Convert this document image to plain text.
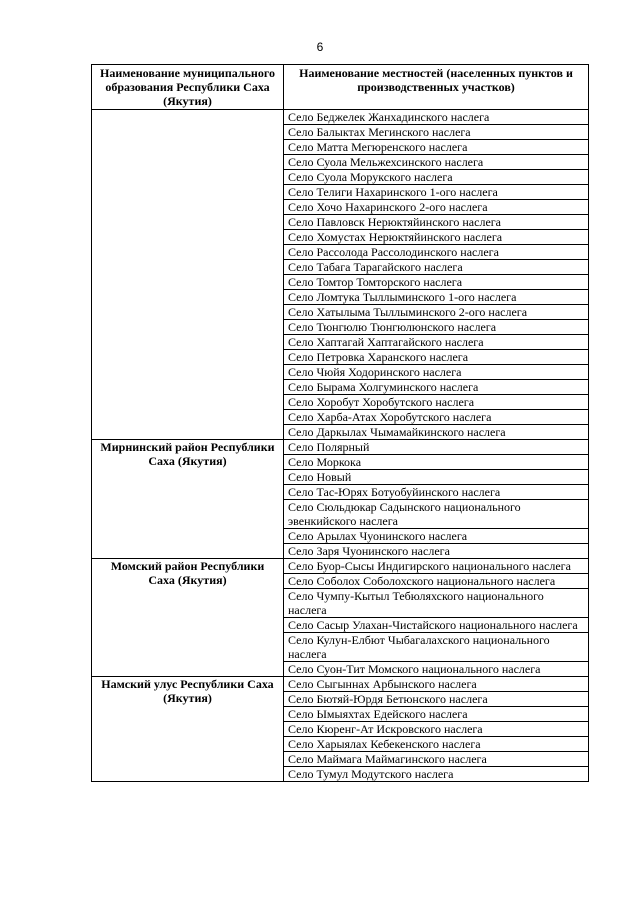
6
Наименование муниципального образования Республики Саха (Якутия)	Наименование местностей (населенных пунктов и производственных участков)
	Село Беджелек Жанхадинского наслега
	Село Балыктах Мегинского наслега
	Село Матта Мегюренского наслега
	Село Суола Мельжехсинского наслега
	Село Суола Морукского наслега
	Село Телиги Нахаринского 1-ого наслега
	Село Хочо Нахаринского 2-ого наслега
	Село Павловск Нерюктяйинского наслега
	Село Хомустах Нерюктяйинского наслега
	Село Рассолода Рассолодинского наслега
	Село Табага Тарагайского наслега
	Село Томтор Томторского наслега
	Село Ломтука Тыллыминского 1-ого наслега
	Село Хатылыма Тыллыминского 2-ого наслега
	Село Тюнгюлю Тюнгюлюнского наслега
	Село Хаптагай Хаптагайского наслега
	Село Петровка Харанского наслега
	Село Чюйя Ходоринского наслега
	Село Бырама Холгуминского наслега
	Село Хоробут Хоробутского наслега
	Село Харба-Атах Хоробутского наслега
	Село Даркылах Чымамайкинского наслега
Мирнинский район Республики Саха (Якутия)	Село Полярный
	Село Моркока
	Село Новый
	Село Тас-Юрях Ботуобуйинского наслега
	Село Сюльдюкар Садынского национального эвенкийского наслега
	Село Арылах Чуонинского наслега
	Село Заря Чуонинского наслега
Момский район Республики Саха (Якутия)	Село Буор-Сысы Индигирского национального наслега
	Село Соболох Соболохского национального наслега
	Село Чумпу-Кытыл Тебюляхского национального наслега
	Село Сасыр Улахан-Чистайского национального наслега
	Село Кулун-Елбют Чыбагалахского национального наслега
	Село Суон-Тит Момского национального наслега
Намский улус Республики Саха (Якутия)	Село Сыгыннах Арбынского наслега
	Село Бютяй-Юрдя Бетюнского наслега
	Село Ымыяхтах Едейского наслега
	Село Кюренг-Ат Искровского наслега
	Село Харыялах Кебекенского наслега
	Село Маймага Маймагинского наслега
	Село Тумул Модутского наслега
